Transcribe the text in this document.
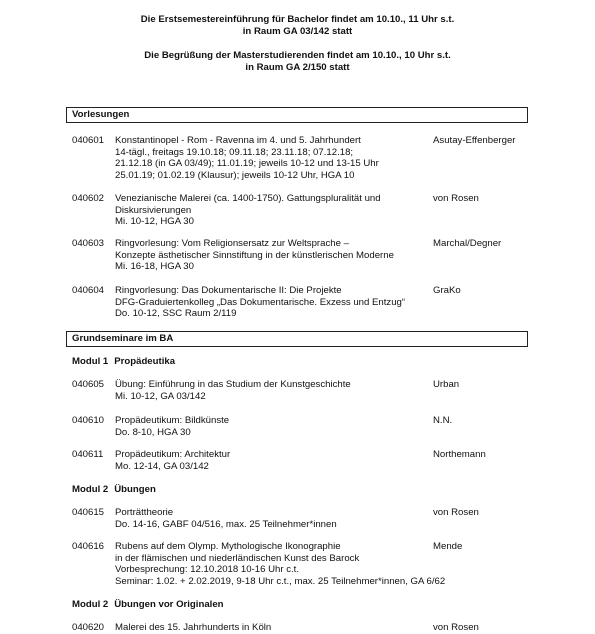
Die Erstsemestereinführung für Bachelor findet am 10.10., 11 Uhr s.t.
in Raum GA 03/142 statt
Die Begrüßung der Masterstudierenden findet am 10.10., 10 Uhr s.t.
in Raum GA 2/150 statt
Vorlesungen
040601 Konstantinopel - Rom - Ravenna im 4. und 5. Jahrhundert
14-tägl., freitags 19.10.18; 09.11.18; 23.11.18; 07.12.18;
21.12.18 (in GA 03/49); 11.01.19; jeweils 10-12 und 13-15 Uhr
25.01.19; 01.02.19 (Klausur); jeweils 10-12 Uhr, HGA 10
Asutay-Effenberger
040602 Venezianische Malerei (ca. 1400-1750). Gattungspluralität und
Diskursivierungen
Mi. 10-12, HGA 30
von Rosen
040603 Ringvorlesung: Vom Religionsersatz zur Weltsprache –
Konzepte ästhetischer Sinnstiftung in der künstlerischen Moderne
Mi. 16-18, HGA 30
Marchal/Degner
040604 Ringvorlesung: Das Dokumentarische II: Die Projekte
DFG-Graduiertenkolleg „Das Dokumentarische. Exzess und Entzug“
Do. 10-12, SSC Raum 2/119
GraKo
Grundseminare im BA
Modul 1 Propädeutika
040605 Übung: Einführung in das Studium der Kunstgeschichte
Mi. 10-12, GA 03/142
Urban
040610 Propädeutikum: Bildkünste
Do. 8-10, HGA 30
N.N.
040611 Propädeutikum: Architektur
Mo. 12-14, GA 03/142
Northemann
Modul 2 Übungen
040615 Porträttheorie
Do. 14-16, GABF 04/516, max. 25 Teilnehmer*innen
von Rosen
040616 Rubens auf dem Olymp. Mythologische Ikonographie
in der flämischen und niederländischen Kunst des Barock
Vorbesprechung: 12.10.2018 10-16 Uhr c.t.
Seminar: 1.02. + 2.02.2019, 9-18 Uhr c.t., max. 25 Teilnehmer*innen, GA 6/62
Mende
Modul 2 Übungen vor Originalen
040620 Malerei des 15. Jahrhunderts in Köln	von Rosen
